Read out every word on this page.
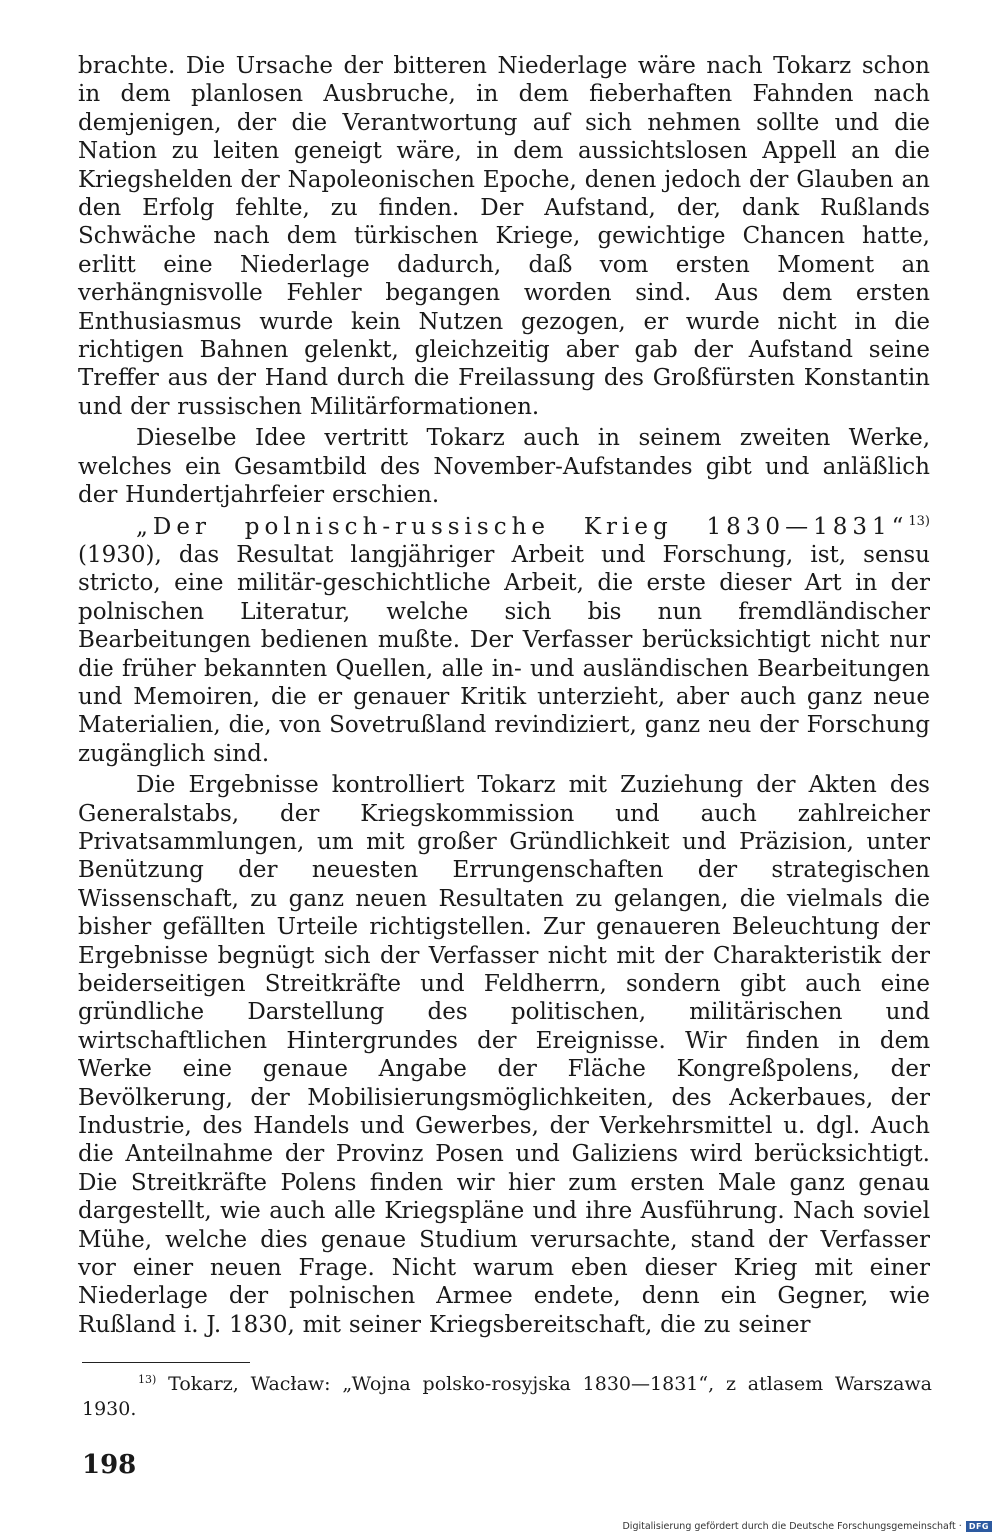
brachte. Die Ursache der bitteren Niederlage wäre nach Tokarz schon in dem planlosen Ausbruche, in dem fieberhaften Fahnden nach demjenigen, der die Verantwortung auf sich nehmen sollte und die Nation zu leiten geneigt wäre, in dem aussichtslosen Appell an die Kriegshelden der Napoleonischen Epoche, denen jedoch der Glauben an den Erfolg fehlte, zu finden. Der Aufstand, der, dank Rußlands Schwäche nach dem türkischen Kriege, gewichtige Chancen hatte, erlitt eine Niederlage dadurch, daß vom ersten Moment an verhängnisvolle Fehler begangen worden sind. Aus dem ersten Enthusiasmus wurde kein Nutzen gezogen, er wurde nicht in die richtigen Bahnen gelenkt, gleichzeitig aber gab der Aufstand seine Treffer aus der Hand durch die Freilassung des Großfürsten Konstantin und der russischen Militärformationen.

Dieselbe Idee vertritt Tokarz auch in seinem zweiten Werke, welches ein Gesamtbild des November-Aufstandes gibt und anläßlich der Hundertjahrfeier erschien.

„Der polnisch-russische Krieg 1830—1831“$^{13)}$ (1930), das Resultat langjähriger Arbeit und Forschung, ist, sensu stricto, eine militär-geschichtliche Arbeit, die erste dieser Art in der polnischen Literatur, welche sich bis nun fremdländischer Bearbeitungen bedienen mußte. Der Verfasser berücksichtigt nicht nur die früher bekannten Quellen, alle in- und ausländischen Bearbeitungen und Memoiren, die er genauer Kritik unterzieht, aber auch ganz neue Materialien, die, von Sovetrußland revindiziert, ganz neu der Forschung zugänglich sind.

Die Ergebnisse kontrolliert Tokarz mit Zuziehung der Akten des Generalstabs, der Kriegskommission und auch zahlreicher Privatsammlungen, um mit großer Gründlichkeit und Präzision, unter Benützung der neuesten Errungenschaften der strategischen Wissenschaft, zu ganz neuen Resultaten zu gelangen, die vielmals die bisher gefällten Urteile richtigstellen. Zur genaueren Beleuchtung der Ergebnisse begnügt sich der Verfasser nicht mit der Charakteristik der beiderseitigen Streitkräfte und Feldherrn, sondern gibt auch eine gründliche Darstellung des politischen, militärischen und wirtschaftlichen Hintergrundes der Ereignisse. Wir finden in dem Werke eine genaue Angabe der Fläche Kongreßpolens, der Bevölkerung, der Mobilisierungsmöglichkeiten, des Ackerbaues, der Industrie, des Handels und Gewerbes, der Verkehrsmittel u. dgl. Auch die Anteilnahme der Provinz Posen und Galiziens wird berücksichtigt. Die Streitkräfte Polens finden wir hier zum ersten Male ganz genau dargestellt, wie auch alle Kriegspläne und ihre Ausführung. Nach soviel Mühe, welche dies genaue Studium verursachte, stand der Verfasser vor einer neuen Frage. Nicht warum eben dieser Krieg mit einer Niederlage der polnischen Armee endete, denn ein Gegner, wie Rußland i. J. 1830, mit seiner Kriegsbereitschaft, die zu seiner

$^{13)}$ Tokarz, Wacław: „Wojna polsko-rosyjska 1830—1831“, z atlasem Warszawa 1930.

198
Digitalisierung gefördert durch die Deutsche Forschungsgemeinschaft · DFG
